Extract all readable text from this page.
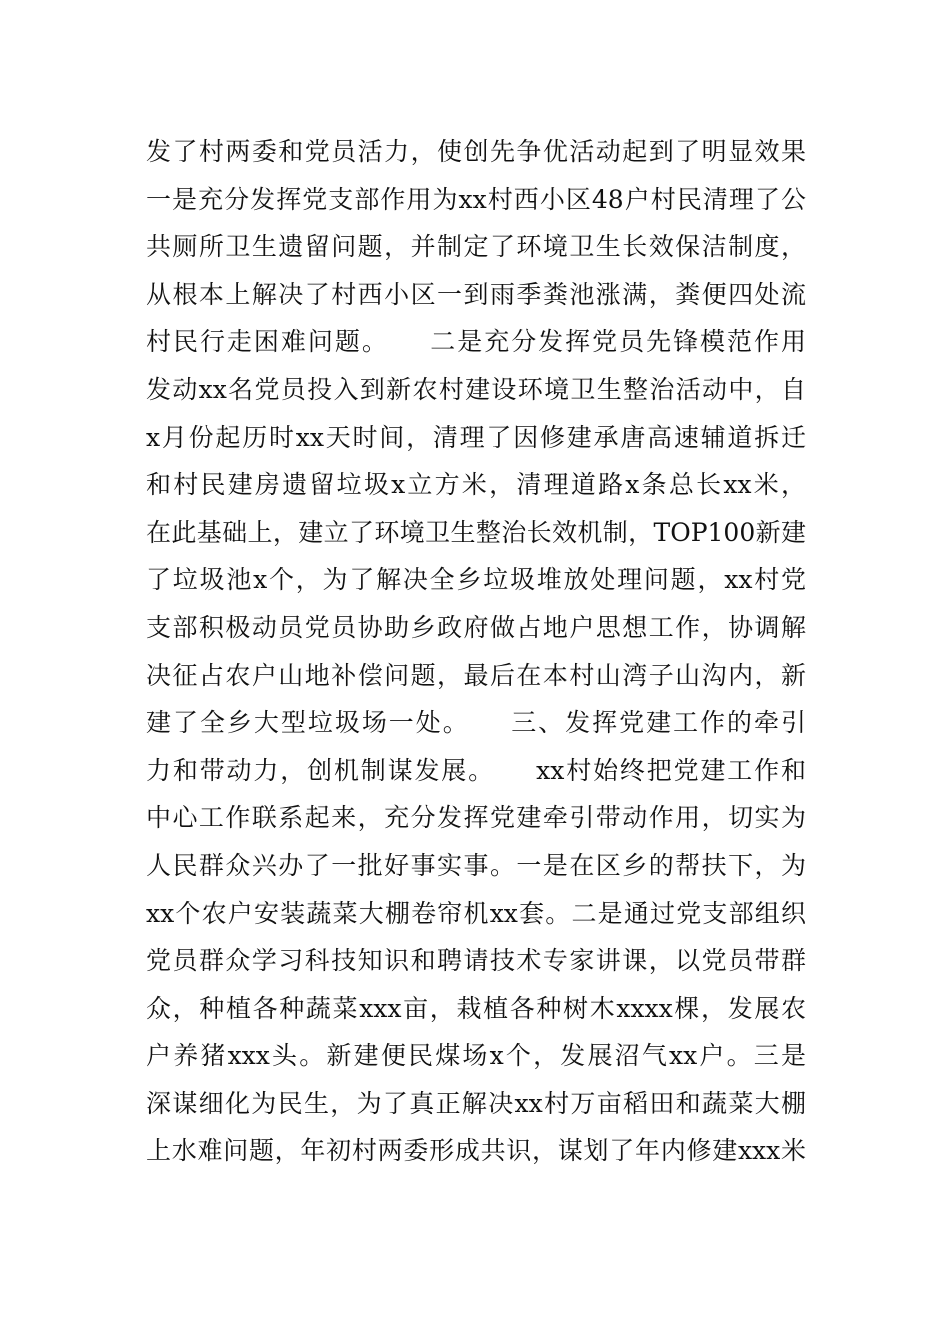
发了村两委和党员活力，使创先争优活动起到了明显效果
一是充分发挥党支部作用为xx村西小区48户村民清理了公
共厕所卫生遗留问题，并制定了环境卫生长效保洁制度，
从根本上解决了村西小区一到雨季粪池涨满，粪便四处流
村民行走困难问题。　　二是充分发挥党员先锋模范作用
发动xx名党员投入到新农村建设环境卫生整治活动中，自
x月份起历时xx天时间，清理了因修建承唐高速辅道拆迁
和村民建房遗留垃圾x立方米，清理道路x条总长xx米，
在此基础上，建立了环境卫生整治长效机制，TOP100新建
了垃圾池x个，为了解决全乡垃圾堆放处理问题，xx村党
支部积极动员党员协助乡政府做占地户思想工作，协调解
决征占农户山地补偿问题，最后在本村山湾子山沟内，新
建了全乡大型垃圾场一处。　　三、发挥党建工作的牵引
力和带动力，创机制谋发展。　　xx村始终把党建工作和
中心工作联系起来，充分发挥党建牵引带动作用，切实为
人民群众兴办了一批好事实事。一是在区乡的帮扶下，为
xx个农户安装蔬菜大棚卷帘机xx套。二是通过党支部组织
党员群众学习科技知识和聘请技术专家讲课，以党员带群
众，种植各种蔬菜xxx亩，栽植各种树木xxxx棵，发展农
户养猪xxx头。新建便民煤场x个，发展沼气xx户。三是
深谋细化为民生，为了真正解决xx村万亩稻田和蔬菜大棚
上水难问题，年初村两委形成共识，谋划了年内修建xxx米
